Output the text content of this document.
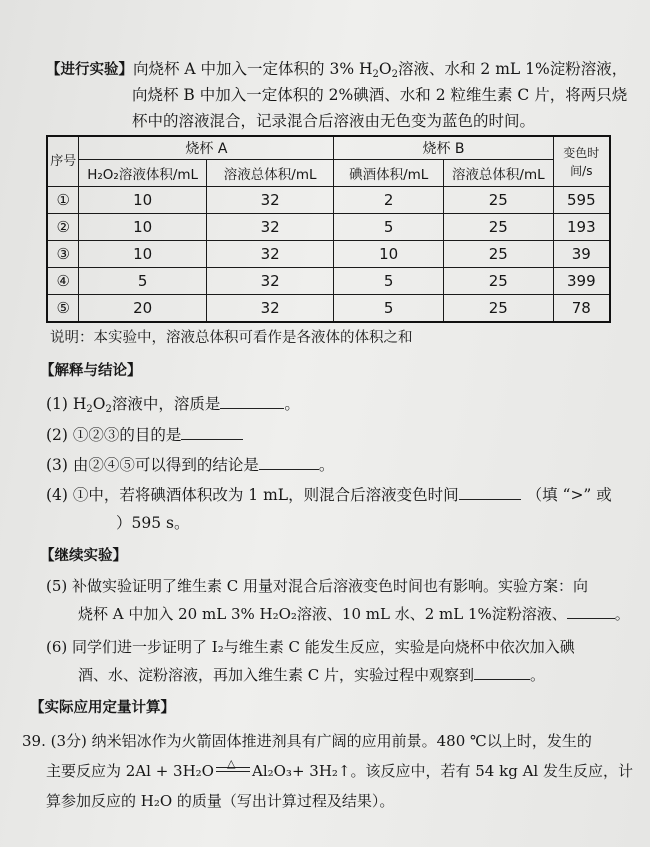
【进行实验】向烧杯 A 中加入一定体积的 3% $H_2O_2$溶液、水和 2 mL 1%淀粉溶液，
向烧杯 B 中加入一定体积的 2%碘酒、水和 2 粒维生素 C 片，将两只烧
杯中的溶液混合，记录混合后溶液由无色变为蓝色的时间。
序号	烧杯 A		烧杯 B		变色时间/s
	H₂O₂溶液体积/mL	溶液总体积/mL	碘酒体积/mL	溶液总体积/mL	
①	10	32	2	25	595
②	10	32	5	25	193
③	10	32	10	25	39
④	5	32	5	25	399
⑤	20	32	5	25	78
说明：本实验中，溶液总体积可看作是各液体的体积之和
【解释与结论】
(1) $H_2O_2$溶液中，溶质是	。
(2) ①②③的目的是
(3) 由②④⑤可以得到的结论是	。
(4) ①中，若将碘酒体积改为 1 mL，则混合后溶液变色时间	（填 “>” 或
）595 s。
【继续实验】
(5) 补做实验证明了维生素 C 用量对混合后溶液变色时间也有影响。实验方案：向
烧杯 A 中加入 20 mL 3% H₂O₂溶液、10 mL 水、2 mL 1%淀粉溶液、	。
(6) 同学们进一步证明了 I₂与维生素 C 能发生反应，实验是向烧杯中依次加入碘
酒、水、淀粉溶液，再加入维生素 C 片，实验过程中观察到	。
【实际应用定量计算】
39. (3分) 纳米铝冰作为火箭固体推进剂具有广阔的应用前景。480 ℃以上时，发生的
主要反应为 2Al + 3H₂O △ Al₂O₃+ 3H₂↑。该反应中，若有 54 kg Al 发生反应，计
算参加反应的 H₂O 的质量（写出计算过程及结果）。
